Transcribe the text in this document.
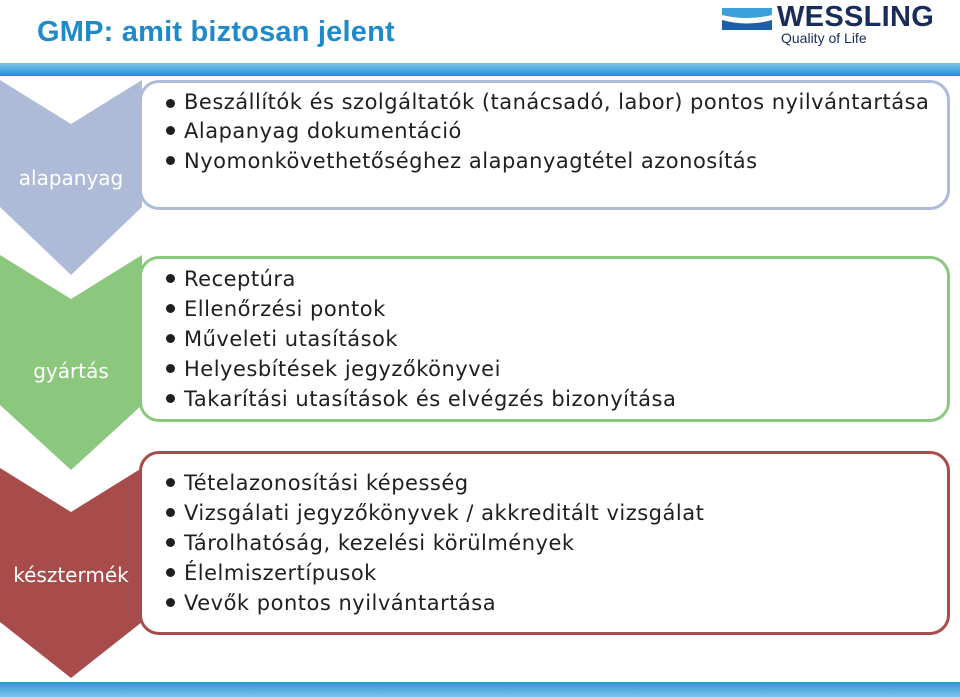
GMP: amit biztosan jelent	WESSLING
Quality of Life
alapanyag
Beszállítók és szolgáltatók (tanácsadó, labor) pontos nyilvántartása
Alapanyag dokumentáció
Nyomonkövethetőséghez alapanyagtétel azonosítás
gyártás
Receptúra
Ellenőrzési pontok
Műveleti utasítások
Helyesbítések jegyzőkönyvei
Takarítási utasítások és elvégzés bizonyítása
késztermék
Tételazonosítási képesség
Vizsgálati jegyzőkönyvek / akkreditált vizsgálat
Tárolhatóság, kezelési körülmények
Élelmiszertípusok
Vevők pontos nyilvántartása
